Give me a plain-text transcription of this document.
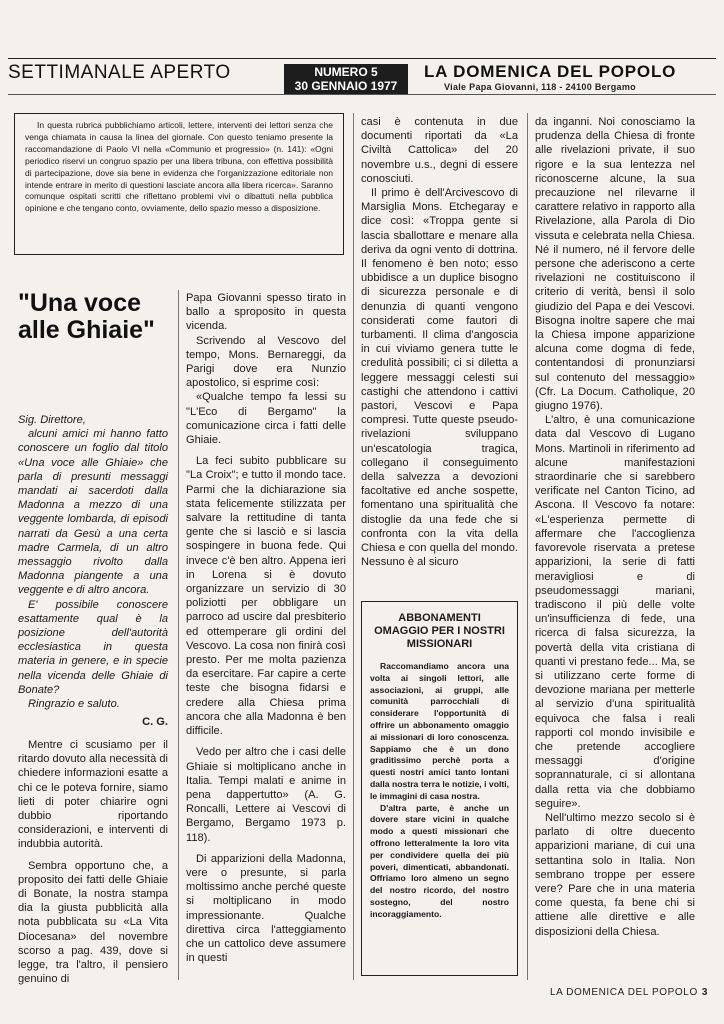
SETTIMANALE APERTO	NUMERO 5
30 GENNAIO 1977
LA DOMENICA DEL POPOLO
Viale Papa Giovanni, 118 - 24100 Bergamo

In questa rubrica pubblichiamo articoli, lettere, interventi dei lettori senza che venga chiamata in causa la linea del giornale. Con questo teniamo presente la raccomandazione di Paolo VI nella «Communio et progressio» (n. 141): «Ogni periodico riservi un congruo spazio per una libera tribuna, con effettiva possibilità di partecipazione, dove sia bene in evidenza che l'organizzazione editoriale non intende entrare in merito di questioni lasciate ancora alla libera ricerca». Saranno comunque ospitati scritti che riflettano problemi vivi o dibattuti nella pubblica opinione e che tengano conto, ovviamente, dello spazio messo a disposizione.

"Una voce alle Ghiaie"

Sig. Direttore,

alcuni amici mi hanno fatto conoscere un foglio dal titolo «Una voce alle Ghiaie» che parla di presunti messaggi mandati ai sacerdoti dalla Madonna a mezzo di una veggente lombarda, di episodi narrati da Gesù a una certa madre Carmela, di un altro messaggio rivolto dalla Madonna piangente a una veggente e di altro ancora.

E' possibile conoscere esattamente qual è la posizione dell'autorità ecclesiastica in questa materia in genere, e in specie nella vicenda delle Ghiaie di Bonate?

Ringrazio e saluto.

C. G.

Mentre ci scusiamo per il ritardo dovuto alla necessità di chiedere informazioni esatte a chi ce le poteva fornire, siamo lieti di poter chiarire ogni dubbio riportando considerazioni, e interventi di indubbia autorità.

Sembra opportuno che, a proposito dei fatti delle Ghiaie di Bonate, la nostra stampa dia la giusta pubblicità alla nota pubblicata su «La Vita Diocesana» del novembre scorso a pag. 439, dove si legge, tra l'altro, il pensiero genuino di

Papa Giovanni spesso tirato in ballo a sproposito in questa vicenda.

Scrivendo al Vescovo del tempo, Mons. Bernareggi, da Parigi dove era Nunzio apostolico, si esprime così:

«Qualche tempo fa lessi su "L'Eco di Bergamo" la comunicazione circa i fatti delle Ghiaie.

La feci subito pubblicare su "La Croix"; e tutto il mondo tace. Parmi che la dichiarazione sia stata felicemente stilizzata per salvare la rettitudine di tanta gente che si lasciò e si lascia sospingere in buona fede. Qui invece c'è ben altro. Appena ieri in Lorena si è dovuto organizzare un servizio di 30 poliziotti per obbligare un parroco ad uscire dal presbiterio ed ottemperare gli ordini del Vescovo. La cosa non finirà così presto. Per me molta pazienza da esercitare. Far capire a certe teste che bisogna fidarsi e credere alla Chiesa prima ancora che alla Madonna è ben difficile.

Vedo per altro che i casi delle Ghiaie si moltiplicano anche in Italia. Tempi malati e anime in pena dappertutto» (A. G. Roncalli, Lettere ai Vescovi di Bergamo, Bergamo 1973 p. 118).

Di apparizioni della Madonna, vere o presunte, si parla moltissimo anche perché queste si moltiplicano in modo impressionante. Qualche direttiva circa l'atteggiamento che un cattolico deve assumere in questi

casi è contenuta in due documenti riportati da «La Civiltà Cattolica» del 20 novembre u.s., degni di essere conosciuti.

Il primo è dell'Arcivescovo di Marsiglia Mons. Etchegaray e dice così: «Troppa gente si lascia sballottare e menare alla deriva da ogni vento di dottrina. Il fenomeno è ben noto; esso ubbidisce a un duplice bisogno di sicurezza personale e di denunzia di quanti vengono considerati come fautori di turbamenti. Il clima d'angoscia in cui viviamo genera tutte le credulità possibili; ci si diletta a leggere messaggi celesti sui castighi che attendono i cattivi pastori, Vescovi e Papa compresi. Tutte queste pseudo-rivelazioni sviluppano un'escatologia tragica, collegano il conseguimento della salvezza a devozioni facoltative ed anche sospette, fomentano una spiritualità che distoglie da una fede che si confronta con la vita della Chiesa e con quella del mondo. Nessuno è al sicuro

ABBONAMENTI OMAGGIO PER I NOSTRI MISSIONARI

Raccomandiamo ancora una volta ai singoli lettori, alle associazioni, ai gruppi, alle comunità parrocchiali di considerare l'opportunità di offrire un abbonamento omaggio ai missionari di loro conoscenza. Sappiamo che è un dono graditissimo perchè porta a questi nostri amici tanto lontani dalla nostra terra le notizie, i volti, le immagini di casa nostra.

D'altra parte, è anche un dovere stare vicini in qualche modo a questi missionari che offrono letteralmente la loro vita per condividere quella dei più poveri, dimenticati, abbandonati. Offriamo loro almeno un segno del nostro ricordo, del nostro sostegno, del nostro incoraggiamento.

da inganni. Noi conosciamo la prudenza della Chiesa di fronte alle rivelazioni private, il suo rigore e la sua lentezza nel riconoscerne alcune, la sua precauzione nel rilevarne il carattere relativo in rapporto alla Rivelazione, alla Parola di Dio vissuta e celebrata nella Chiesa. Né il numero, né il fervore delle persone che aderiscono a certe rivelazioni ne costituiscono il criterio di verità, bensì il solo giudizio del Papa e dei Vescovi. Bisogna inoltre sapere che mai la Chiesa impone apparizione alcuna come dogma di fede, contentandosi di pronunziarsi sul contenuto del messaggio» (Cfr. La Docum. Catholique, 20 giugno 1976).

L'altro, è una comunicazione data dal Vescovo di Lugano Mons. Martinoli in riferimento ad alcune manifestazioni straordinarie che si sarebbero verificate nel Canton Ticino, ad Ascona. Il Vescovo fa notare: «L'esperienza permette di affermare che l'accoglienza favorevole riservata a pretese apparizioni, la serie di fatti meravigliosi e di pseudomessaggi mariani, tradiscono il più delle volte un'insufficienza di fede, una ricerca di falsa sicurezza, la povertà della vita cristiana di quanti vi prestano fede... Ma, se si utilizzano certe forme di devozione mariana per metterle al servizio d'una spiritualità equivoca che falsa i reali rapporti col mondo invisibile e che pretende accogliere messaggi d'origine soprannaturale, ci si allontana dalla retta via che dobbiamo seguire».

Nell'ultimo mezzo secolo si è parlato di oltre duecento apparizioni mariane, di cui una settantina solo in Italia. Non sembrano troppe per essere vere? Pare che in una materia come questa, fa bene chi si attiene alle direttive e alle disposizioni della Chiesa.

LA DOMENICA DEL POPOLO 3
